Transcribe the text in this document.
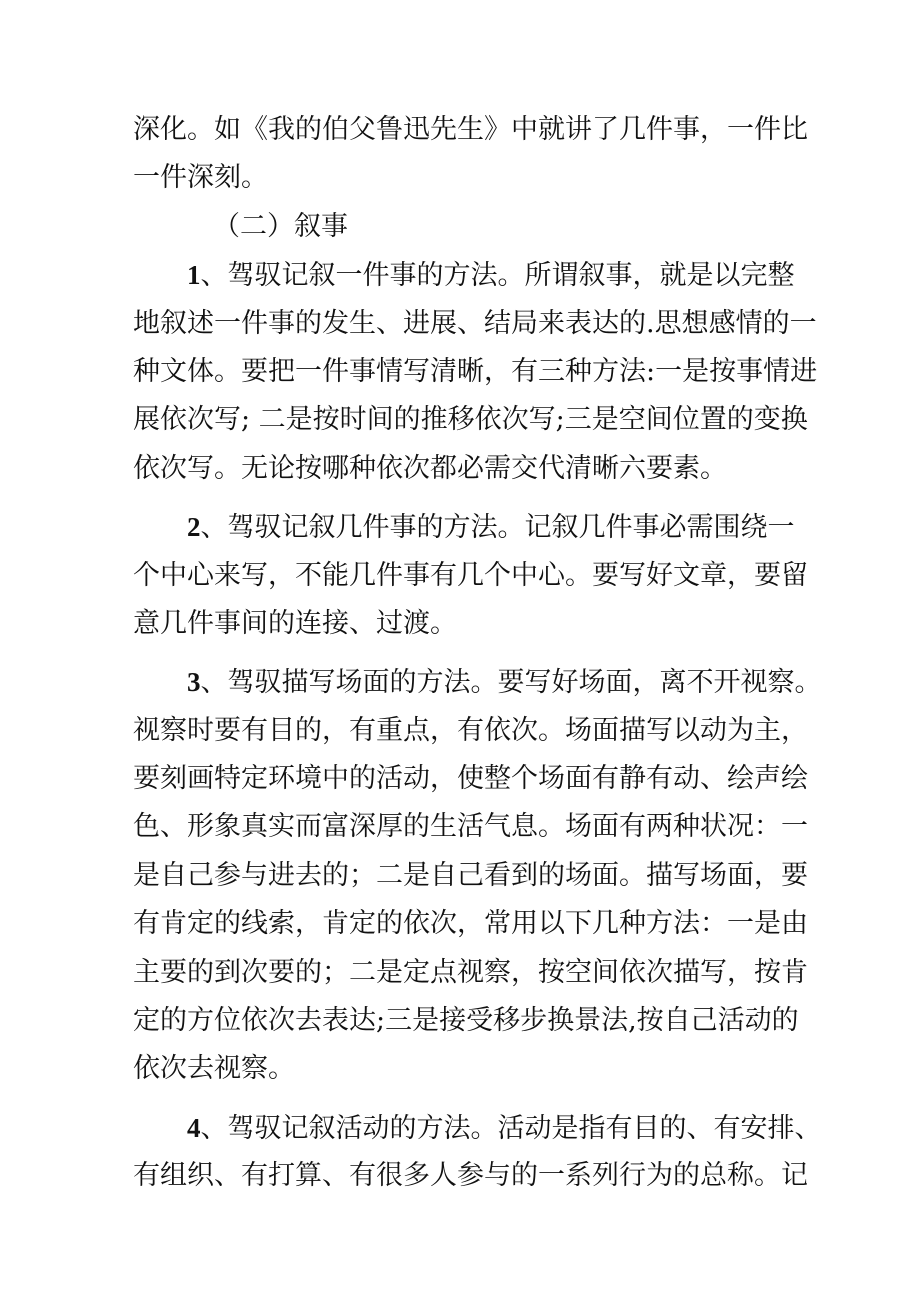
深化。如《我的伯父鲁迅先生》中就讲了几件事，一件比
一件深刻。
（二）叙事
1、驾驭记叙一件事的方法。所谓叙事，就是以完整
地叙述一件事的发生、进展、结局来表达的.思想感情的一
种文体。要把一件事情写清晰，有三种方法:一是按事情进
展依次写; 二是按时间的推移依次写;三是空间位置的变换
依次写。无论按哪种依次都必需交代清晰六要素。
2、驾驭记叙几件事的方法。记叙几件事必需围绕一
个中心来写，不能几件事有几个中心。要写好文章，要留
意几件事间的连接、过渡。
3、驾驭描写场面的方法。要写好场面，离不开视察。
视察时要有目的，有重点，有依次。场面描写以动为主，
要刻画特定环境中的活动，使整个场面有静有动、绘声绘
色、形象真实而富深厚的生活气息。场面有两种状况：一
是自己参与进去的；二是自己看到的场面。描写场面，要
有肯定的线索，肯定的依次，常用以下几种方法：一是由
主要的到次要的；二是定点视察，按空间依次描写，按肯
定的方位依次去表达;三是接受移步换景法,按自己活动的
依次去视察。
4、驾驭记叙活动的方法。活动是指有目的、有安排、
有组织、有打算、有很多人参与的一系列行为的总称。记
